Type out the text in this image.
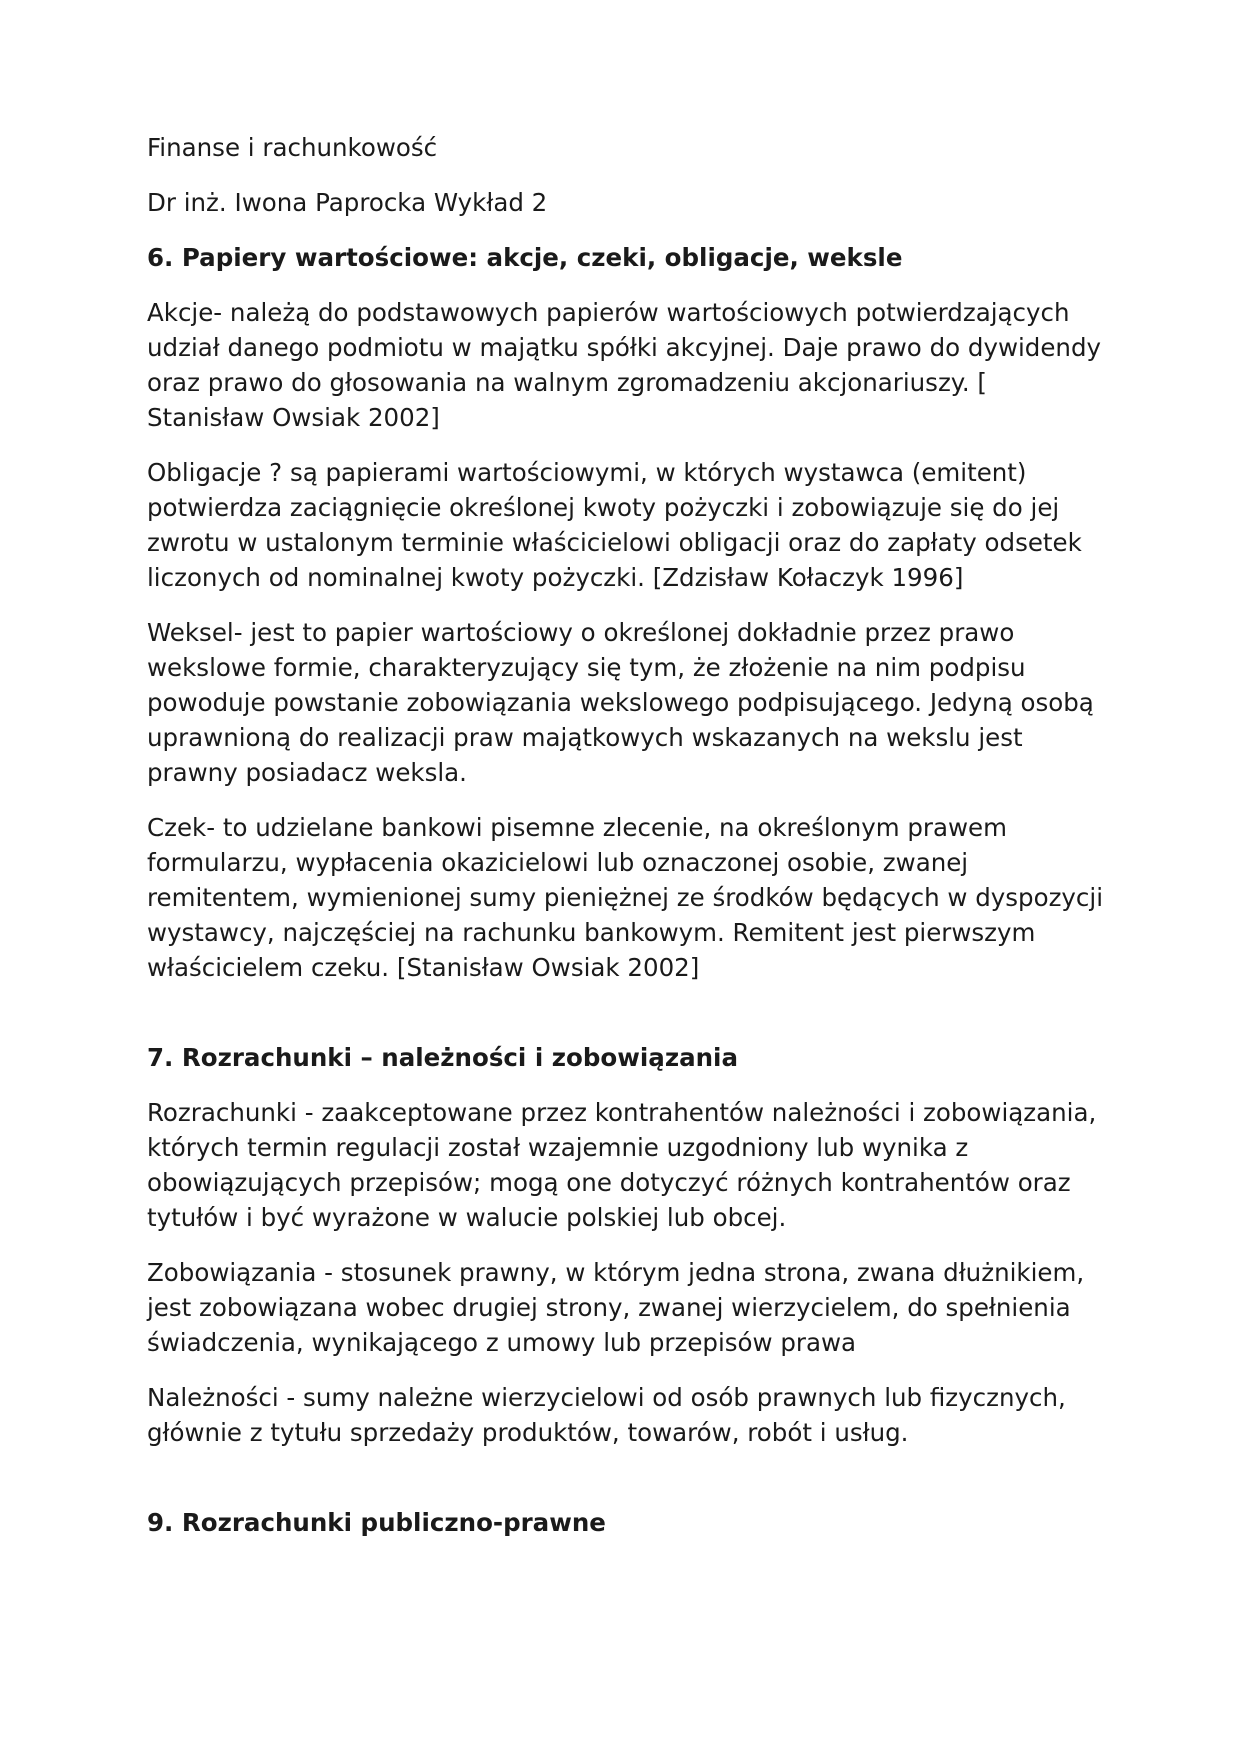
Finanse i rachunkowość

Dr inż. Iwona Paprocka Wykład 2

6. Papiery wartościowe: akcje, czeki, obligacje, weksle

Akcje- należą do podstawowych papierów wartościowych potwierdzających udział danego podmiotu w majątku spółki akcyjnej. Daje prawo do dywidendy oraz prawo do głosowania na walnym zgromadzeniu akcjonariuszy. [ Stanisław Owsiak 2002]

Obligacje ? są papierami wartościowymi, w których wystawca (emitent) potwierdza zaciągnięcie określonej kwoty pożyczki i zobowiązuje się do jej zwrotu w ustalonym terminie właścicielowi obligacji oraz do zapłaty odsetek liczonych od nominalnej kwoty pożyczki. [Zdzisław Kołaczyk 1996]

Weksel- jest to papier wartościowy o określonej dokładnie przez prawo wekslowe formie, charakteryzujący się tym, że złożenie na nim podpisu powoduje powstanie zobowiązania wekslowego podpisującego. Jedyną osobą uprawnioną do realizacji praw majątkowych wskazanych na wekslu jest prawny posiadacz weksla.

Czek- to udzielane bankowi pisemne zlecenie, na określonym prawem formularzu, wypłacenia okazicielowi lub oznaczonej osobie, zwanej remitentem, wymienionej sumy pieniężnej ze środków będących w dyspozycji wystawcy, najczęściej na rachunku bankowym. Remitent jest pierwszym właścicielem czeku. [Stanisław Owsiak 2002]

7. Rozrachunki – należności i zobowiązania

Rozrachunki - zaakceptowane przez kontrahentów należności i zobowiązania, których termin regulacji został wzajemnie uzgodniony lub wynika z obowiązujących przepisów; mogą one dotyczyć różnych kontrahentów oraz tytułów i być wyrażone w walucie polskiej lub obcej.

Zobowiązania - stosunek prawny, w którym jedna strona, zwana dłużnikiem, jest zobowiązana wobec drugiej strony, zwanej wierzycielem, do spełnienia świadczenia, wynikającego z umowy lub przepisów prawa

Należności - sumy należne wierzycielowi od osób prawnych lub fizycznych, głównie z tytułu sprzedaży produktów, towarów, robót i usług.

9. Rozrachunki publiczno-prawne
